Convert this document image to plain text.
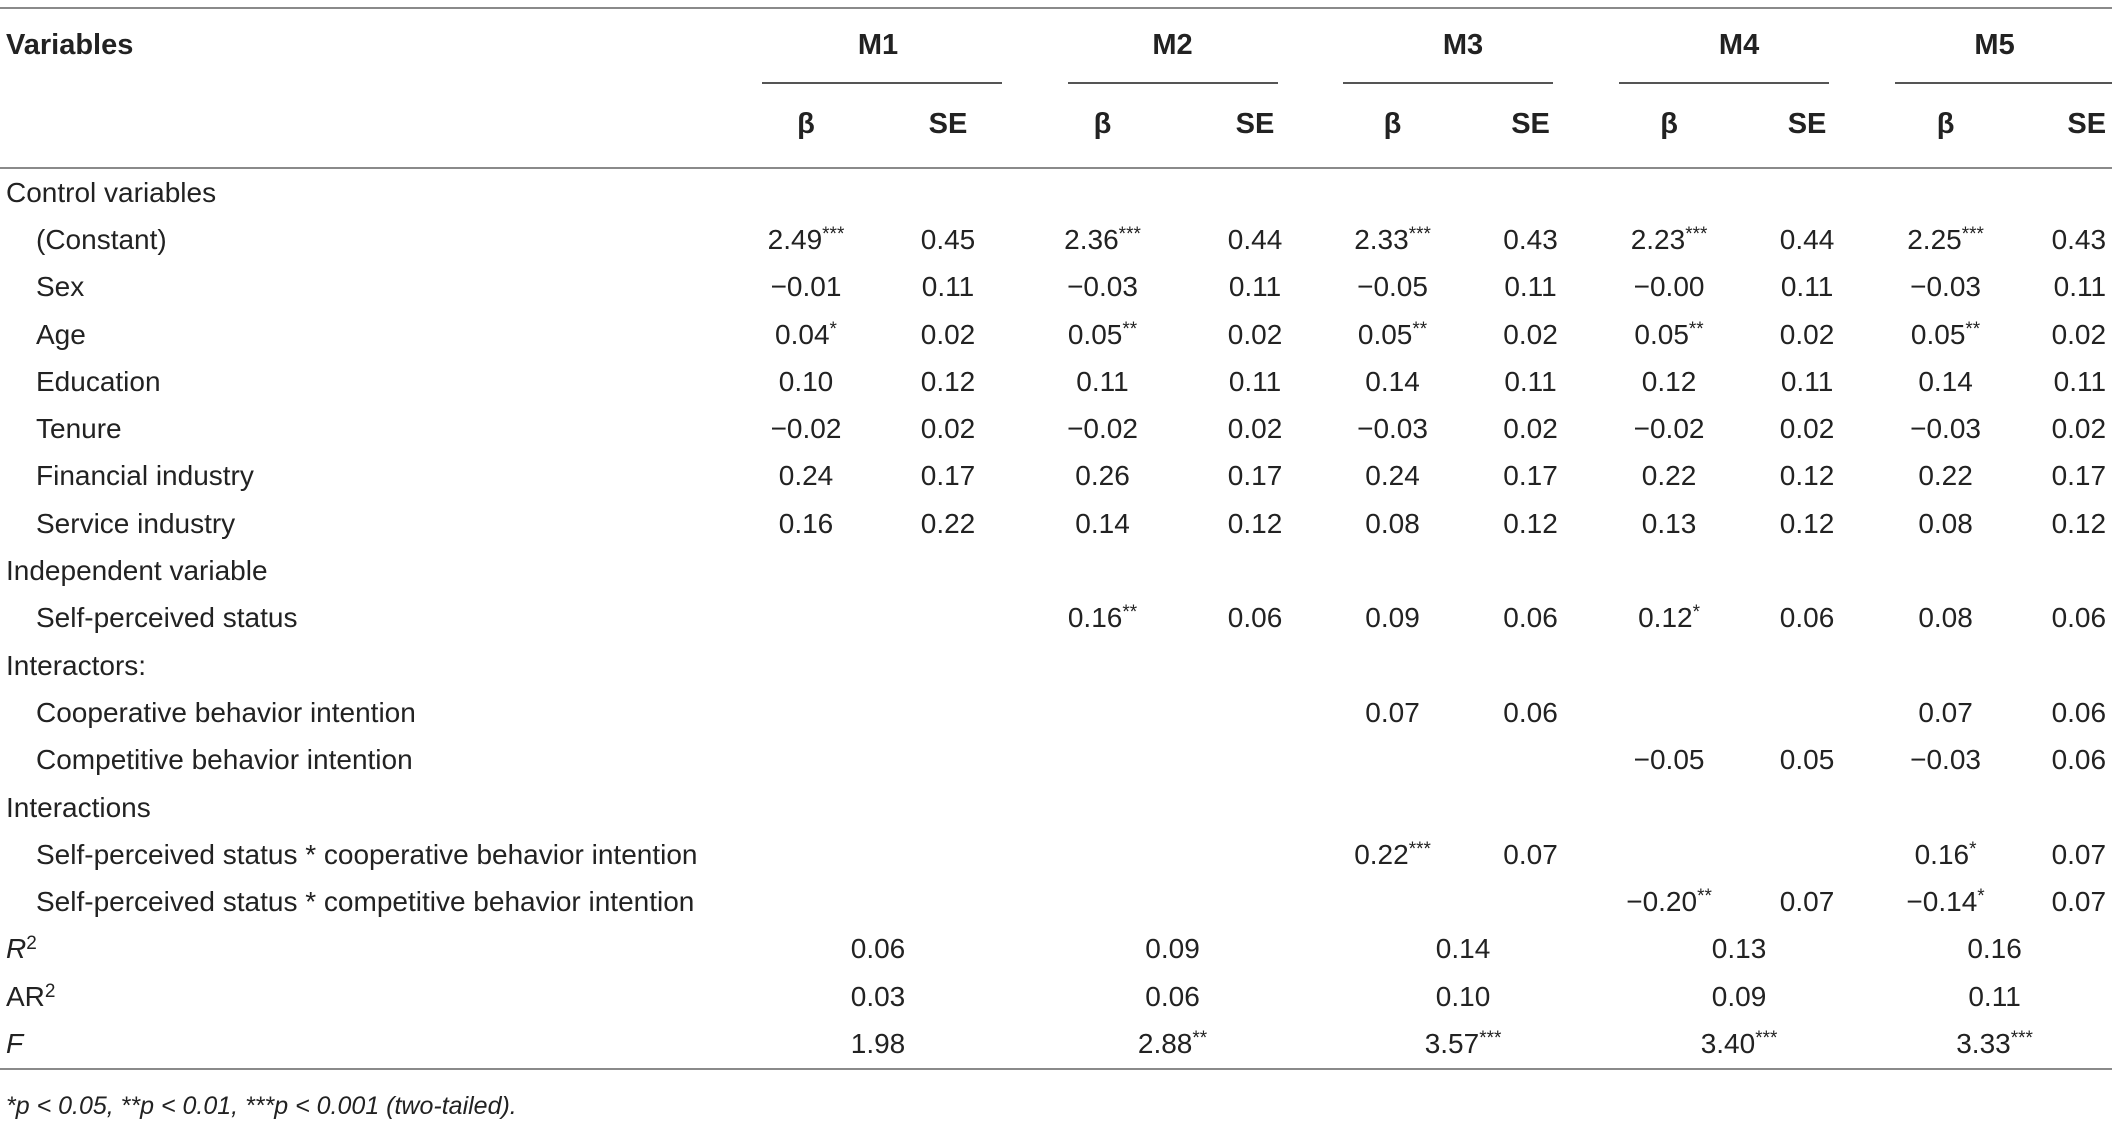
Variables	M1		M2		M3		M4		M5	
	β	SE	β	SE	β	SE	β	SE	β	SE
Control variables										
(Constant)	2.49***	0.45	2.36***	0.44	2.33***	0.43	2.23***	0.44	2.25***	0.43
Sex	−0.01	0.11	−0.03	0.11	−0.05	0.11	−0.00	0.11	−0.03	0.11
Age	0.04*	0.02	0.05**	0.02	0.05**	0.02	0.05**	0.02	0.05**	0.02
Education	0.10	0.12	0.11	0.11	0.14	0.11	0.12	0.11	0.14	0.11
Tenure	−0.02	0.02	−0.02	0.02	−0.03	0.02	−0.02	0.02	−0.03	0.02
Financial industry	0.24	0.17	0.26	0.17	0.24	0.17	0.22	0.12	0.22	0.17
Service industry	0.16	0.22	0.14	0.12	0.08	0.12	0.13	0.12	0.08	0.12
Independent variable										
Self-perceived status			0.16**	0.06	0.09	0.06	0.12*	0.06	0.08	0.06
Interactors:										
Cooperative behavior intention					0.07	0.06			0.07	0.06
Competitive behavior intention							−0.05	0.05	−0.03	0.06
Interactions										
Self-perceived status * cooperative behavior intention					0.22***	0.07			0.16*	0.07
Self-perceived status * competitive behavior intention							−0.20**	0.07	−0.14*	0.07
$R^2$	0.06		0.09		0.14		0.13		0.16	
$AR^2$	0.03		0.06		0.10		0.09		0.11	
F	1.98		2.88**		3.57***		3.40***		3.33***
*p < 0.05, **p < 0.01, ***p < 0.001 (two-tailed).
